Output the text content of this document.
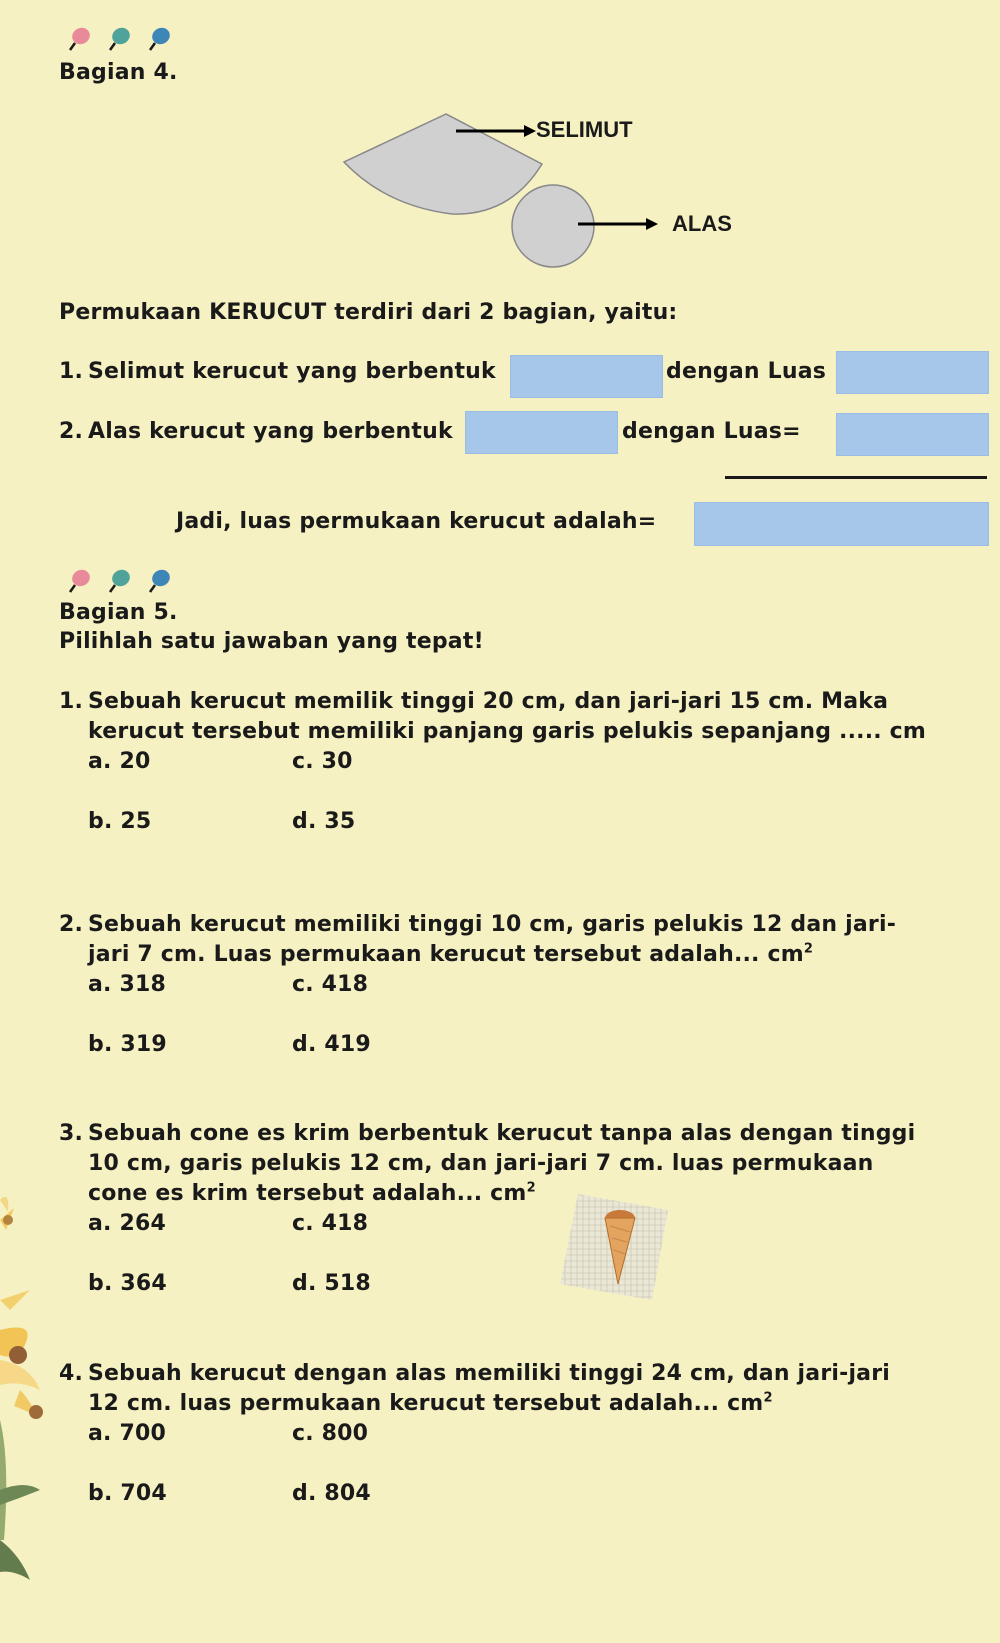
Bagian 4.
SELIMUT
ALAS
Permukaan KERUCUT terdiri dari 2 bagian, yaitu:
1. Selimut kerucut yang berbentuk	dengan Luas
2. Alas kerucut yang berbentuk	dengan Luas=
Jadi, luas permukaan kerucut adalah=
Bagian 5.
Pilihlah satu jawaban yang tepat!
1. Sebuah kerucut memilik tinggi 20 cm, dan jari-jari 15 cm. Maka
kerucut tersebut memiliki panjang garis pelukis sepanjang ..... cm
a. 20	c. 30
b. 25	d. 35
2. Sebuah kerucut memiliki tinggi 10 cm, garis pelukis 12 dan jari-
jari 7 cm. Luas permukaan kerucut tersebut adalah... $cm^2$
a. 318	c. 418
b. 319	d. 419
3. Sebuah cone es krim berbentuk kerucut tanpa alas dengan tinggi
10 cm, garis pelukis 12 cm, dan jari-jari 7 cm. luas permukaan
cone es krim tersebut adalah... $cm^2$
a. 264	c. 418
b. 364	d. 518
4. Sebuah kerucut dengan alas memiliki tinggi 24 cm, dan jari-jari
12 cm. luas permukaan kerucut tersebut adalah... $cm^2$
a. 700	c. 800
b. 704	d. 804
